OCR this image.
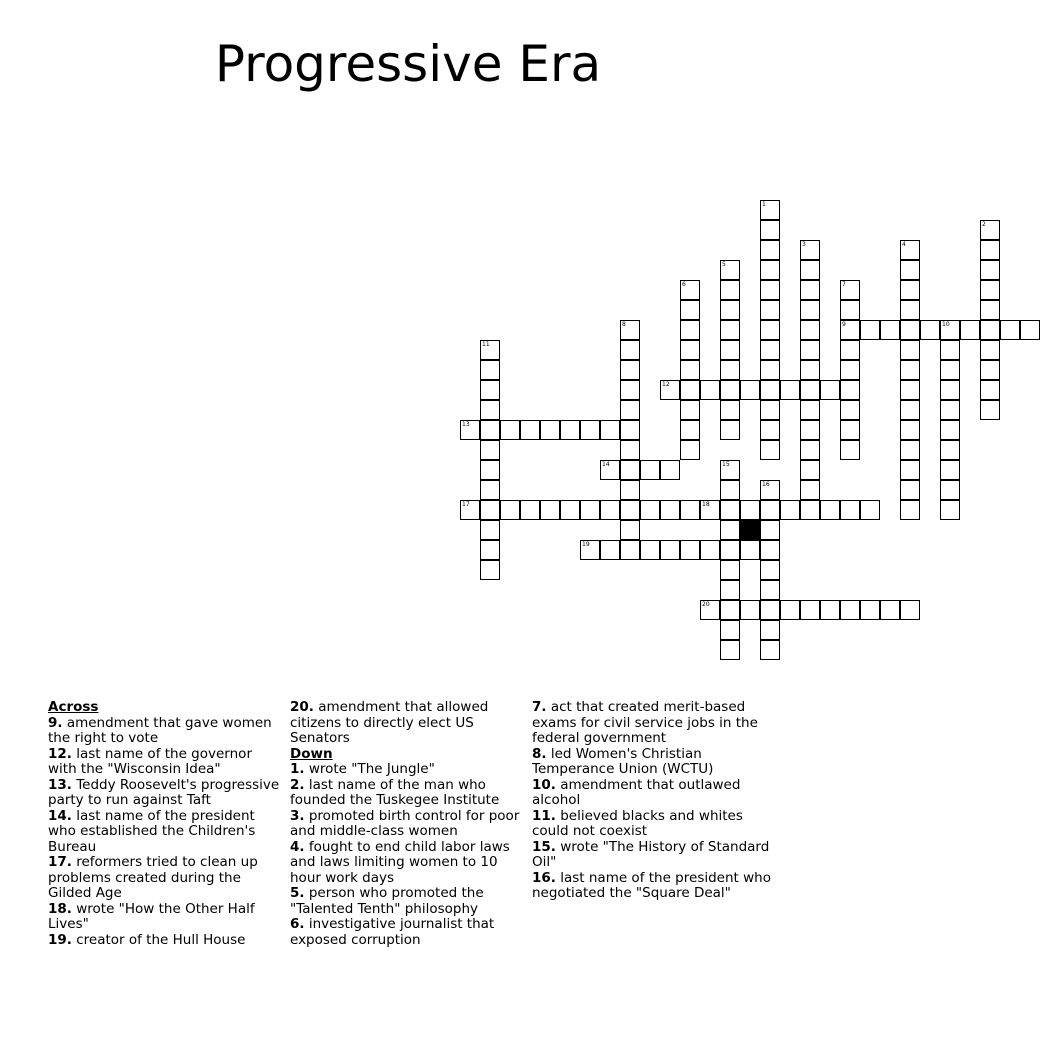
Progressive Era
1
2
3	4
5
6	7
9
8	10
11
12
13
14	15
16
17	18
19
20
Across

9. amendment that gave women the right to vote

12. last name of the governor with the "Wisconsin Idea"

13. Teddy Roosevelt's progressive party to run against Taft

14. last name of the president who established the Children's Bureau

17. reformers tried to clean up problems created during the Gilded Age

18. wrote "How the Other Half Lives"

19. creator of the Hull House

20. amendment that allowed citizens to directly elect US Senators

Down

1. wrote "The Jungle"

2. last name of the man who founded the Tuskegee Institute

3. promoted birth control for poor and middle-class women

4. fought to end child labor laws and laws limiting women to 10 hour work days

5. person who promoted the "Talented Tenth" philosophy

6. investigative journalist that exposed corruption

7. act that created merit-based exams for civil service jobs in the federal government

8. led Women's Christian Temperance Union (WCTU)

10. amendment that outlawed alcohol

11. believed blacks and whites could not coexist

15. wrote "The History of Standard Oil"

16. last name of the president who negotiated the "Square Deal"
